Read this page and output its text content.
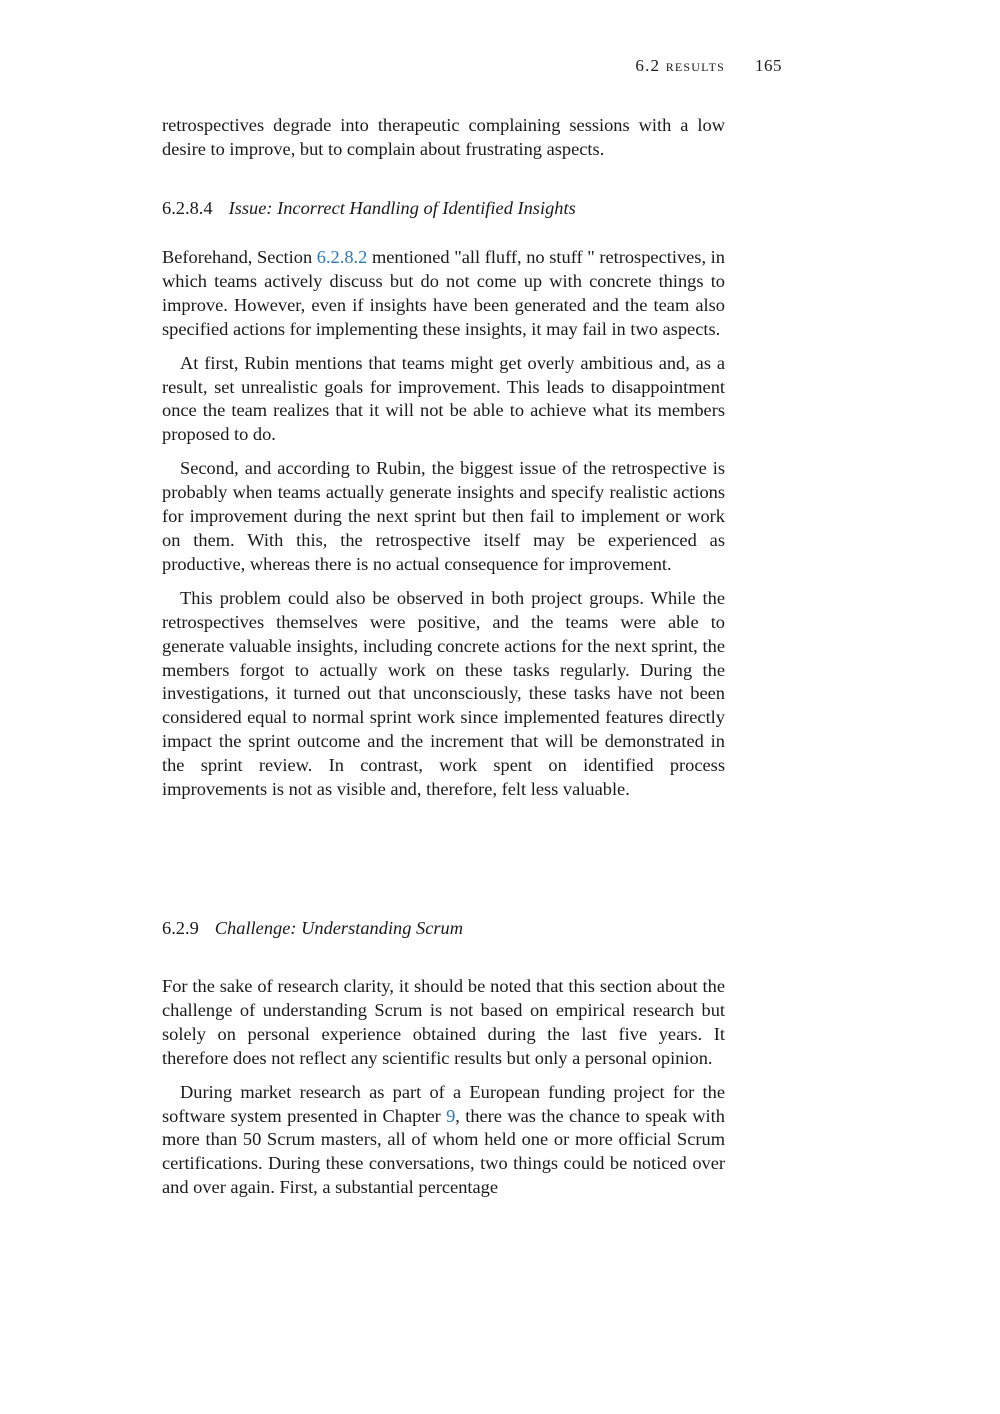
6.2 results 165

retrospectives degrade into therapeutic complaining sessions with a low desire to improve, but to complain about frustrating aspects.

6.2.8.4 Issue: Incorrect Handling of Identified Insights

Beforehand, Section 6.2.8.2 mentioned "all fluff, no stuff " retrospectives, in which teams actively discuss but do not come up with concrete things to improve. However, even if insights have been generated and the team also specified actions for implementing these insights, it may fail in two aspects.

At first, Rubin mentions that teams might get overly ambitious and, as a result, set unrealistic goals for improvement. This leads to disappointment once the team realizes that it will not be able to achieve what its members proposed to do.

Second, and according to Rubin, the biggest issue of the retrospective is probably when teams actually generate insights and specify realistic actions for improvement during the next sprint but then fail to implement or work on them. With this, the retrospective itself may be experienced as productive, whereas there is no actual consequence for improvement.

This problem could also be observed in both project groups. While the retrospectives themselves were positive, and the teams were able to generate valuable insights, including concrete actions for the next sprint, the members forgot to actually work on these tasks regularly. During the investigations, it turned out that unconsciously, these tasks have not been considered equal to normal sprint work since implemented features directly impact the sprint outcome and the increment that will be demonstrated in the sprint review. In contrast, work spent on identified process improvements is not as visible and, therefore, felt less valuable.

6.2.9 Challenge: Understanding Scrum

For the sake of research clarity, it should be noted that this section about the challenge of understanding Scrum is not based on empirical research but solely on personal experience obtained during the last five years. It therefore does not reflect any scientific results but only a personal opinion.

During market research as part of a European funding project for the software system presented in Chapter 9, there was the chance to speak with more than 50 Scrum masters, all of whom held one or more official Scrum certifications. During these conversations, two things could be noticed over and over again. First, a substantial percentage
